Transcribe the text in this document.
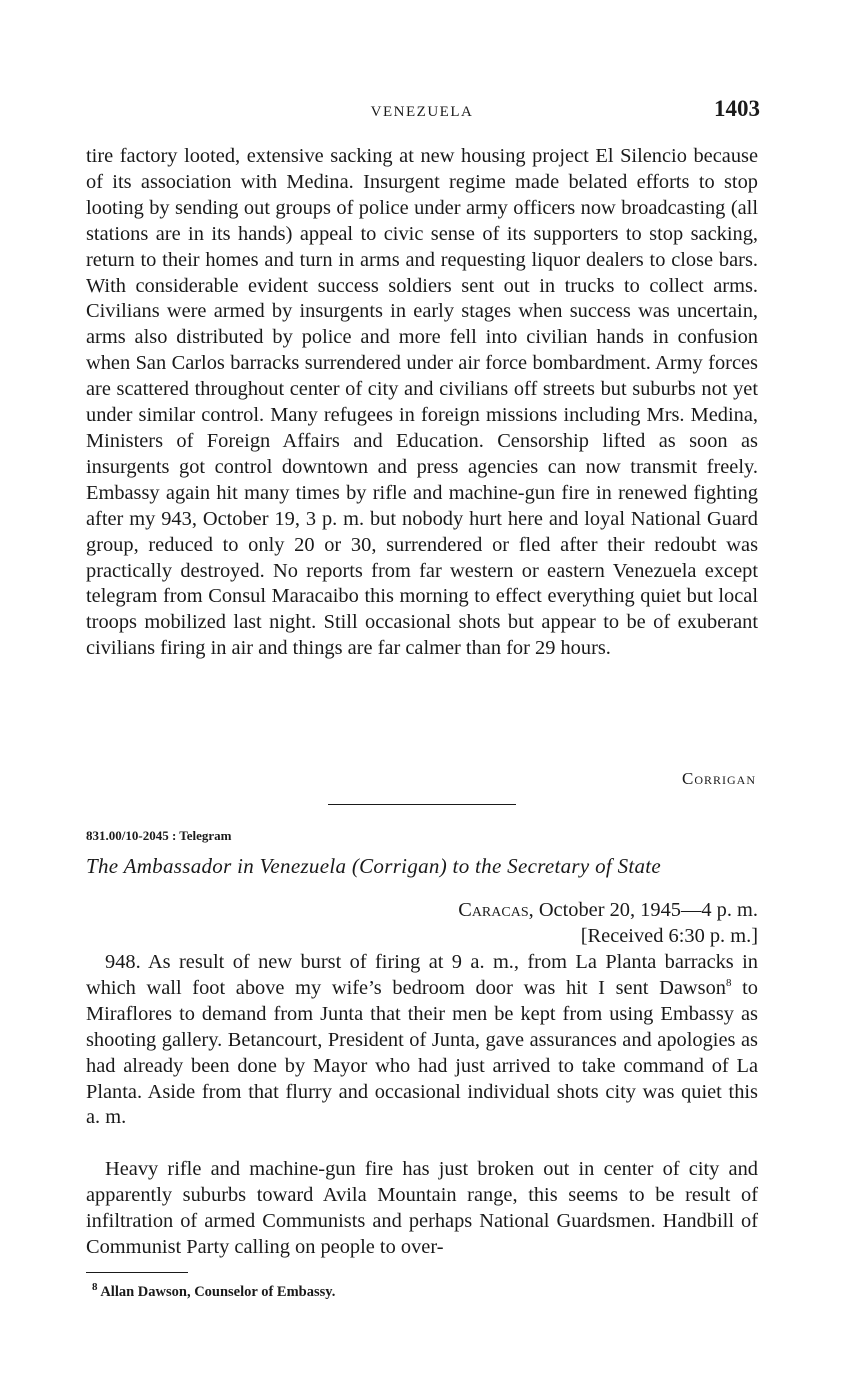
VENEZUELA	1403

tire factory looted, extensive sacking at new housing project El Silencio because of its association with Medina. Insurgent regime made belated efforts to stop looting by sending out groups of police under army officers now broadcasting (all stations are in its hands) appeal to civic sense of its supporters to stop sacking, return to their homes and turn in arms and requesting liquor dealers to close bars. With considerable evident success soldiers sent out in trucks to collect arms. Civilians were armed by insurgents in early stages when success was uncertain, arms also distributed by police and more fell into civilian hands in confusion when San Carlos barracks surrendered under air force bombardment. Army forces are scattered throughout center of city and civilians off streets but suburbs not yet under similar control. Many refugees in foreign missions including Mrs. Medina, Ministers of Foreign Affairs and Education. Censorship lifted as soon as insurgents got control downtown and press agencies can now transmit freely. Embassy again hit many times by rifle and machine-gun fire in renewed fighting after my 943, October 19, 3 p. m. but nobody hurt here and loyal National Guard group, reduced to only 20 or 30, surrendered or fled after their redoubt was practically destroyed. No reports from far western or eastern Venezuela except telegram from Consul Maracaibo this morning to effect everything quiet but local troops mobilized last night. Still occasional shots but appear to be of exuberant civilians firing in air and things are far calmer than for 29 hours.

Corrigan
831.00/10-2045 : Telegram
The Ambassador in Venezuela (Corrigan) to the Secretary of State
Caracas, October 20, 1945—4 p. m.
[Received 6:30 p. m.]

948. As result of new burst of firing at 9 a. m., from La Planta barracks in which wall foot above my wife’s bedroom door was hit I sent Dawson$^8$ to Miraflores to demand from Junta that their men be kept from using Embassy as shooting gallery. Betancourt, President of Junta, gave assurances and apologies as had already been done by Mayor who had just arrived to take command of La Planta. Aside from that flurry and occasional individual shots city was quiet this a. m.

Heavy rifle and machine-gun fire has just broken out in center of city and apparently suburbs toward Avila Mountain range, this seems to be result of infiltration of armed Communists and perhaps National Guardsmen. Handbill of Communist Party calling on people to over-

$^8$ Allan Dawson, Counselor of Embassy.
